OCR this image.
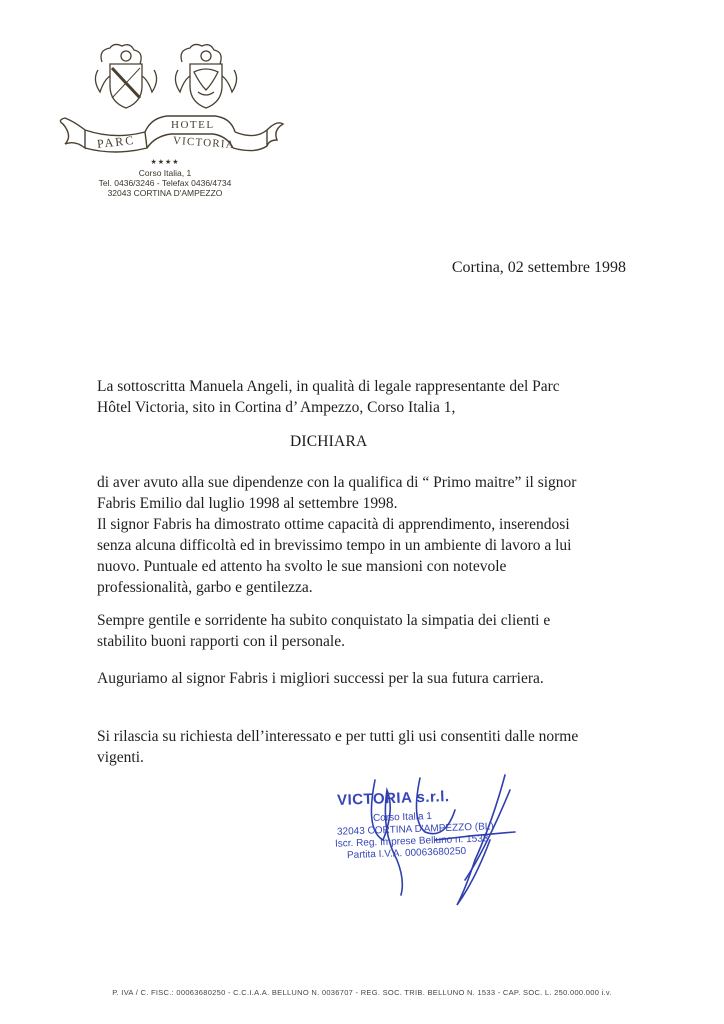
PARC
HOTEL
VICTORIA
★★★★
Corso Italia, 1
Tel. 0436/3246 - Telefax 0436/4734
32043 CORTINA D'AMPEZZO
Cortina, 02 settembre 1998

La sottoscritta Manuela Angeli, in qualità di legale rappresentante del Parc

Hôtel Victoria, sito in Cortina d’ Ampezzo, Corso Italia 1,

DICHIARA

di aver avuto alla sue dipendenze con la qualifica di “ Primo maitre” il signor

Fabris Emilio dal luglio 1998 al settembre 1998.

Il signor Fabris ha dimostrato ottime capacità di apprendimento, inserendosi

senza alcuna difficoltà ed in brevissimo tempo in un ambiente di lavoro a lui

nuovo. Puntuale ed attento ha svolto le sue mansioni con notevole

professionalità, garbo e gentilezza.

Sempre gentile e sorridente ha subito conquistato la simpatia dei clienti e

stabilito buoni rapporti con il personale.

Auguriamo al signor Fabris i migliori successi per la sua futura carriera.

Si rilascia su richiesta dell’interessato e per tutti gli usi consentiti dalle norme

vigenti.

VICTORIA s.r.l.
Corso Italia 1
32043 CORTINA D'AMPEZZO (BL)
Iscr. Reg. Imprese Belluno n. 1533
Partita I.V.A. 00063680250
P. IVA / C. FISC.: 00063680250 - C.C.I.A.A. BELLUNO N. 0036707 - REG. SOC. TRIB. BELLUNO N. 1533 - CAP. SOC. L. 250.000.000 i.v.
